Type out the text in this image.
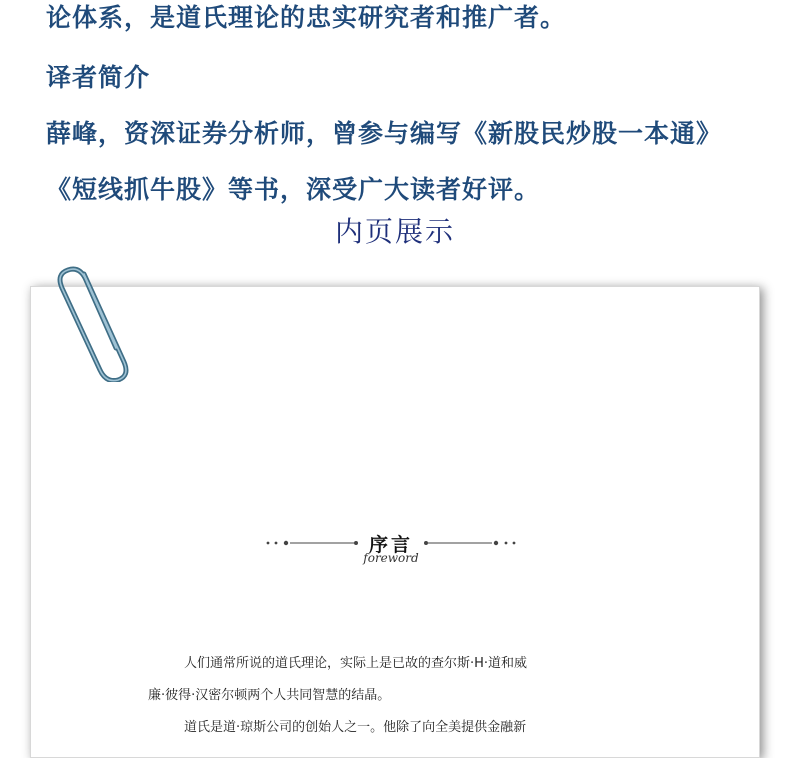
论体系，是道氏理论的忠实研究者和推广者。

译者简介

薛峰，资深证券分析师，曾参与编写《新股民炒股一本通》

《短线抓牛股》等书，深受广大读者好评。

内页展示
序言
foreword

人们通常所说的道氏理论，实际上是已故的查尔斯·H·道和威

廉·彼得·汉密尔顿两个人共同智慧的结晶。

道氏是道·琼斯公司的创始人之一。他除了向全美提供金融新
